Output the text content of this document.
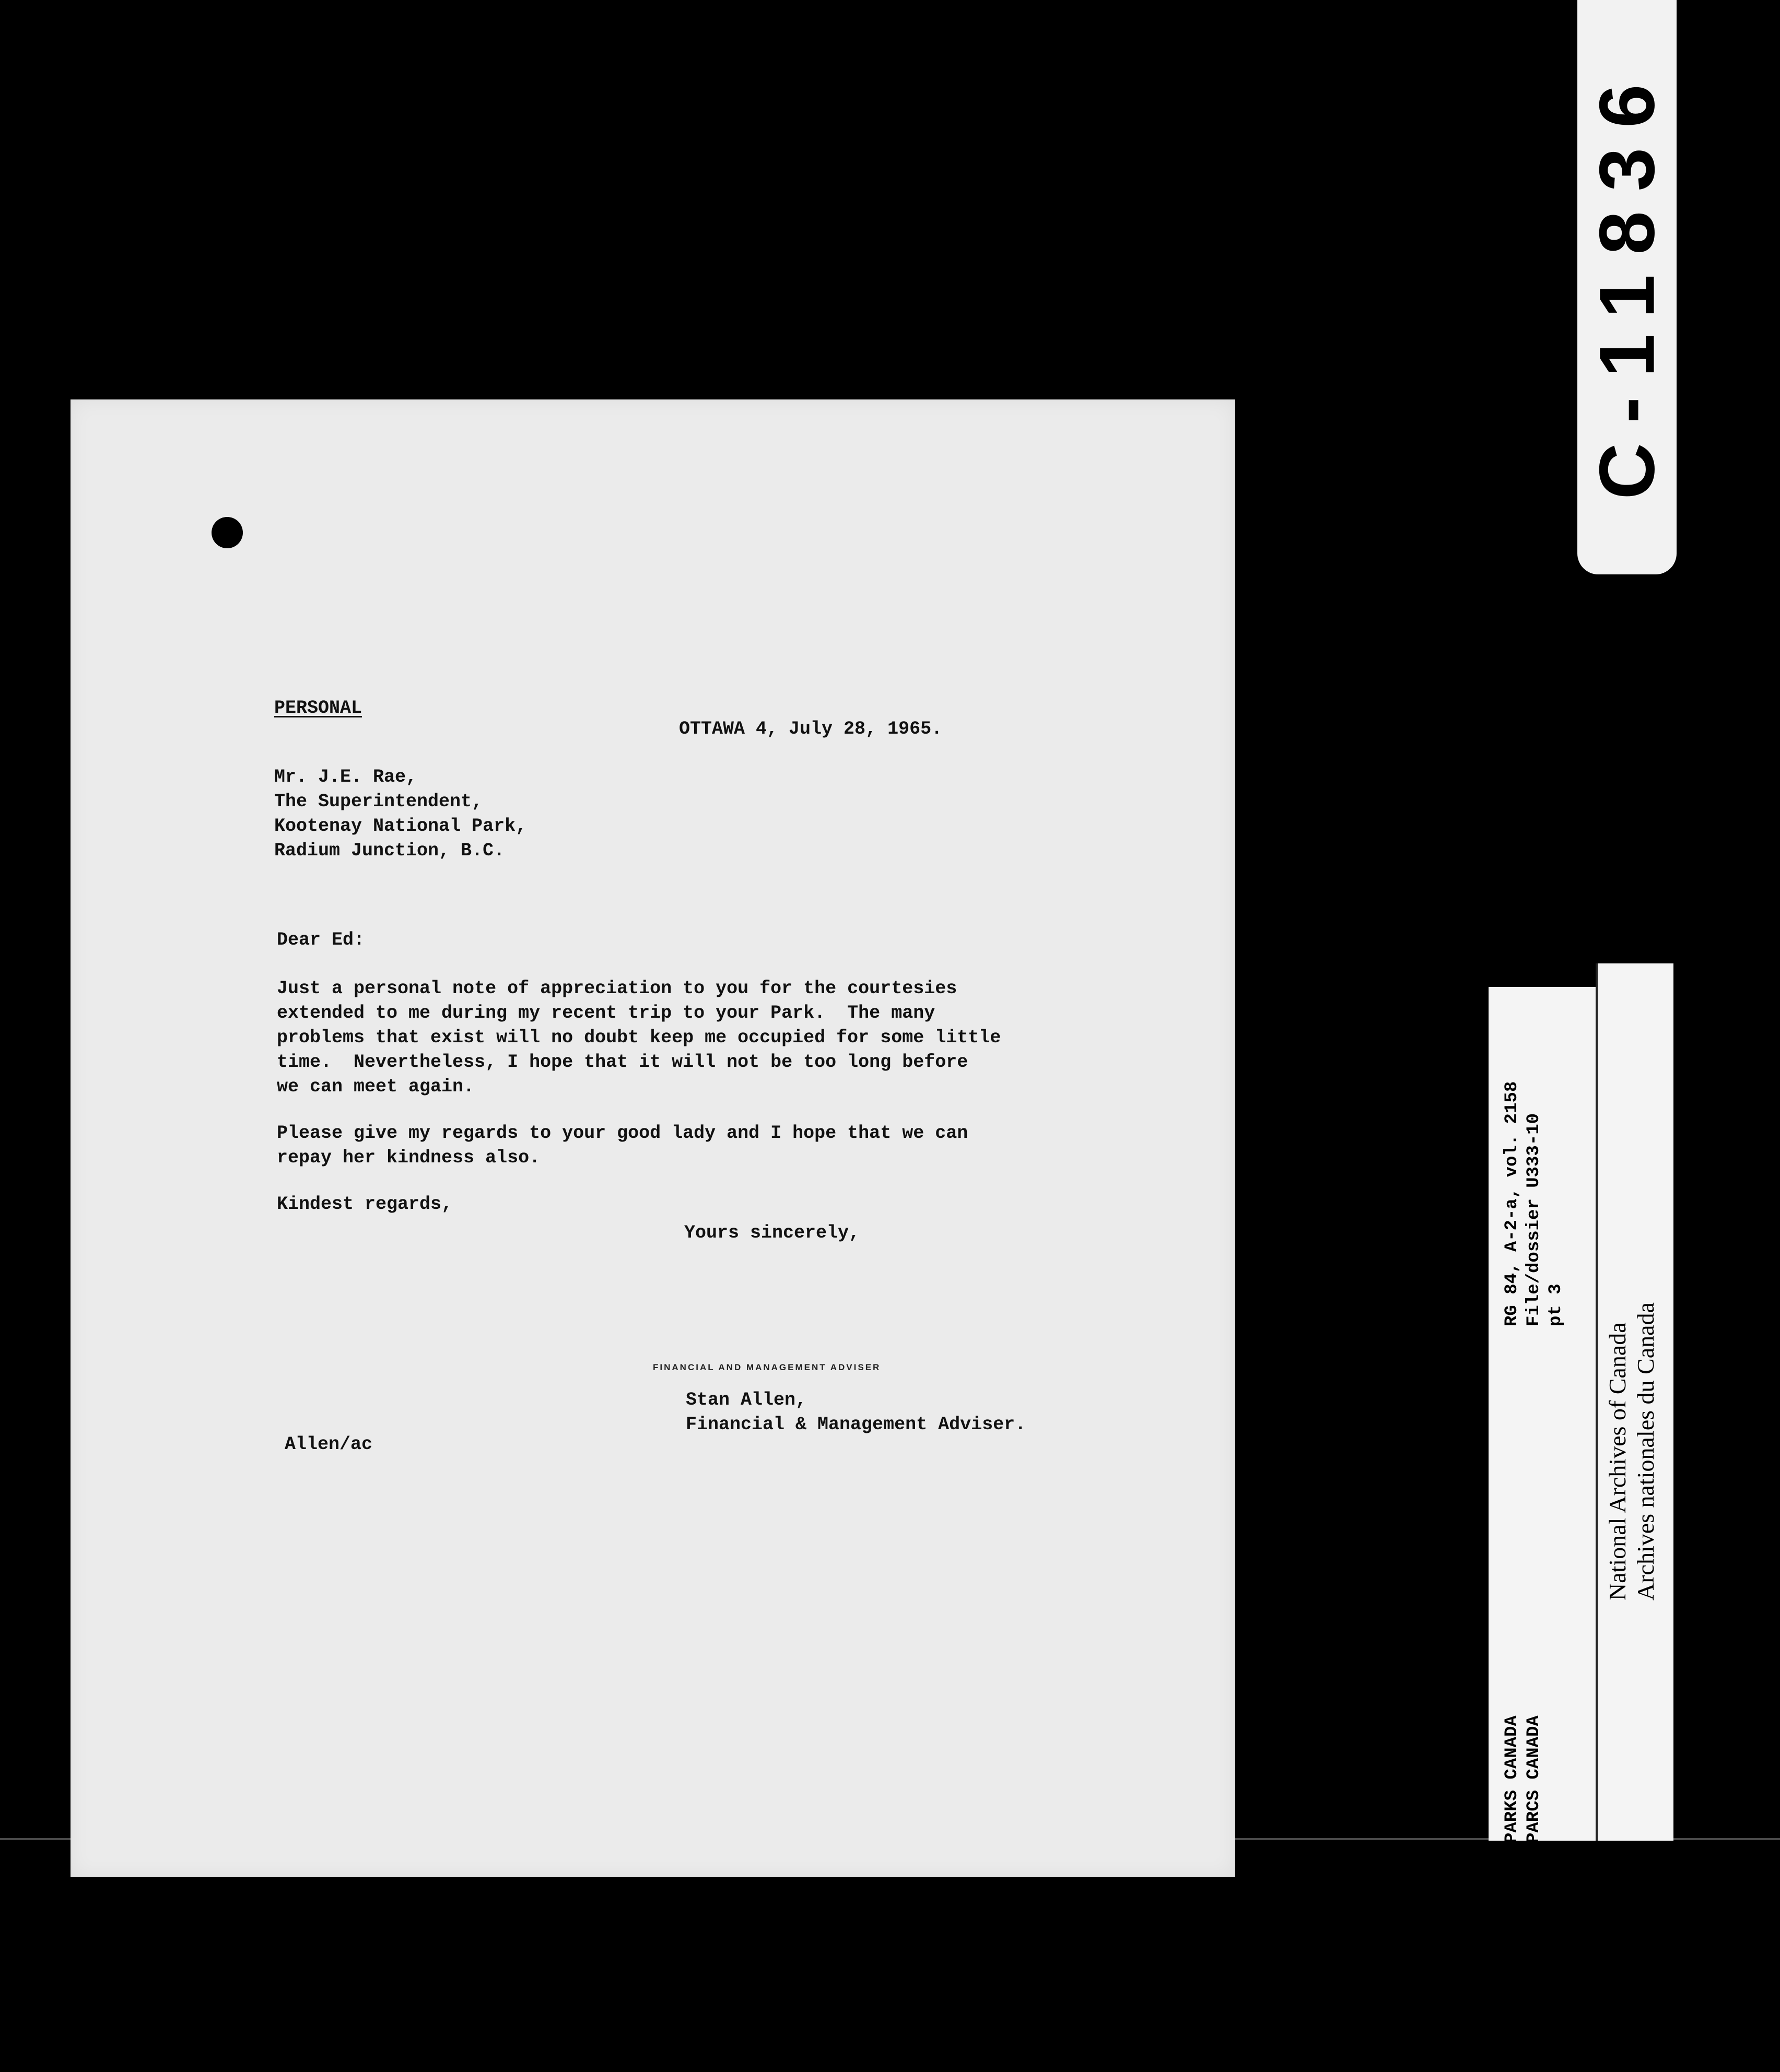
PERSONAL

OTTAWA 4, July 28, 1965.

Mr. J.E. Rae,

The Superintendent,

Kootenay National Park,

Radium Junction, B.C.

Dear Ed:

Just a personal note of appreciation to you for the courtesies

extended to me during my recent trip to your Park.  The many

problems that exist will no doubt keep me occupied for some little

time.  Nevertheless, I hope that it will not be too long before

we can meet again.

Please give my regards to your good lady and I hope that we can

repay her kindness also.

Kindest regards,

Yours sincerely,

FINANCIAL AND MANAGEMENT ADVISER

Stan Allen,

Financial & Management Adviser.

Allen/ac

C-11836
PARKS CANADA PARCS CANADA
RG 84, A-2-a, vol. 2158 File/dossier U333-10 pt 3
National Archives of Canada Archives nationales du Canada
